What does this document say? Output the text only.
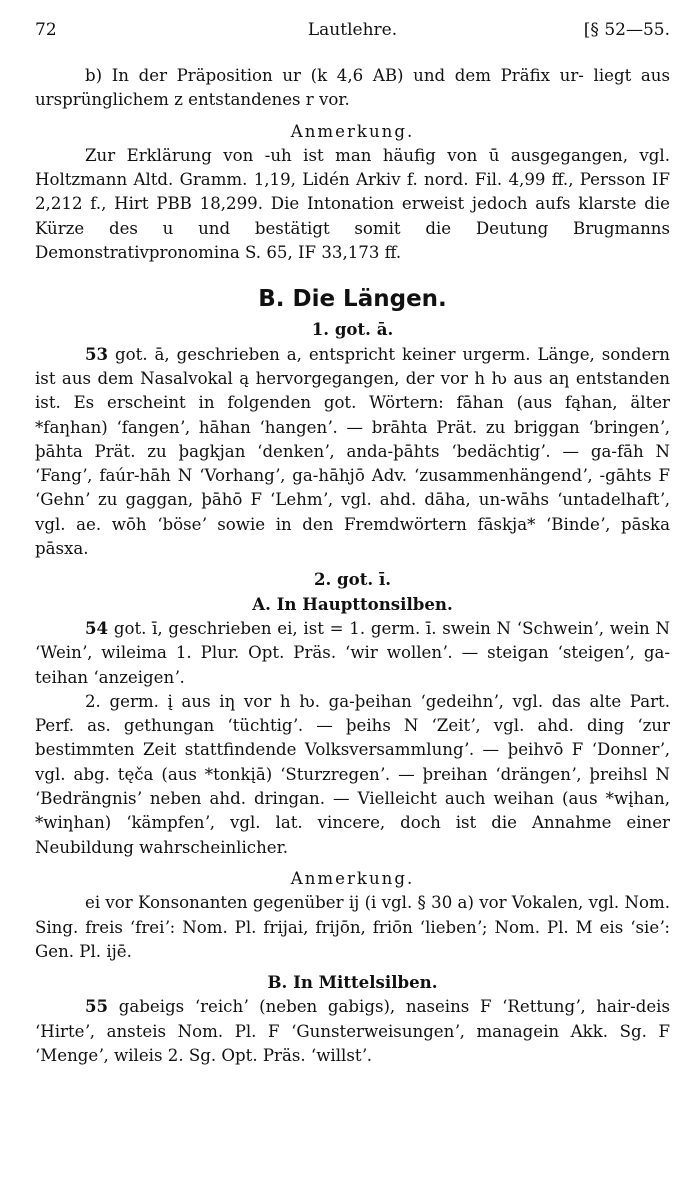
72	Lautlehre.	[§ 52—55.

b) In der Präposition ur (k 4,6 AB) und dem Präfix ur- liegt aus ursprünglichem z entstandenes r vor.

Anmerkung.

Zur Erklärung von -uh ist man häufig von ū ausgegangen, vgl. Holtzmann Altd. Gramm. 1,19, Lidén Arkiv f. nord. Fil. 4,99 ff., Persson IF 2,212 f., Hirt PBB 18,299. Die Intonation erweist jedoch aufs klarste die Kürze des u und bestätigt somit die Deutung Brugmanns Demonstrativpronomina S. 65, IF 33,173 ff.

B. Die Längen.

1. got. ā.

53 got. ā, geschrieben a, entspricht keiner urgerm. Länge, sondern ist aus dem Nasalvokal ą hervorgegangen, der vor h ƕ aus aƞ entstanden ist. Es erscheint in folgenden got. Wörtern: fāhan (aus fąhan, älter *faƞhan) ʻfangenʼ, hāhan ʻhangenʼ. — brāhta Prät. zu briggan ʻbringenʼ, þāhta Prät. zu þagkjan ʻdenkenʼ, anda-þāhts ʻbedächtigʼ. — ga-fāh N ʻFangʼ, faúr-hāh N ʻVorhangʼ, ga-hāhjō Adv. ʻzusammenhängendʼ, -gāhts F ʻGehnʼ zu gaggan, þāhō F ʻLehmʼ, vgl. ahd. dāha, un-wāhs ʻuntadelhaftʼ, vgl. ae. wōh ʻböseʼ sowie in den Fremdwörtern fāskja* ʻBindeʼ, pāska pāsxa.

2. got. ī.

A. In Haupttonsilben.

54 got. ī, geschrieben ei, ist = 1. germ. ī. swein N ʻSchweinʼ, wein N ʻWeinʼ, wileima 1. Plur. Opt. Präs. ʻwir wollenʼ. — steigan ʻsteigenʼ, ga-teihan ʻanzeigenʼ.

2. germ. į aus iƞ vor h ƕ. ga-þeihan ʻgedeihnʼ, vgl. das alte Part. Perf. as. gethungan ʻtüchtigʼ. — þeihs N ʻZeitʼ, vgl. ahd. ding ʻzur bestimmten Zeit stattfindende Volksversammlungʼ. — þeihvō F ʻDonnerʼ, vgl. abg. tęča (aus *tonkįā) ʻSturzregenʼ. — þreihan ʻdrängenʼ, þreihsl N ʻBedrängnisʼ neben ahd. dringan. — Vielleicht auch weihan (aus *wįhan, *wiƞhan) ʻkämpfenʼ, vgl. lat. vincere, doch ist die Annahme einer Neubildung wahrscheinlicher.

Anmerkung.

ei vor Konsonanten gegenüber ij (i vgl. § 30 a) vor Vokalen, vgl. Nom. Sing. freis ʻfreiʼ: Nom. Pl. frijai, frijōn, friōn ʻliebenʼ; Nom. Pl. M eis ʻsieʼ: Gen. Pl. ijē.

B. In Mittelsilben.

55 gabeigs ʻreichʼ (neben gabigs), naseins F ʻRettungʼ, hair-deis ʻHirteʼ, ansteis Nom. Pl. F ʻGunsterweisungenʼ, managein Akk. Sg. F ʻMengeʼ, wileis 2. Sg. Opt. Präs. ʻwillstʼ.
